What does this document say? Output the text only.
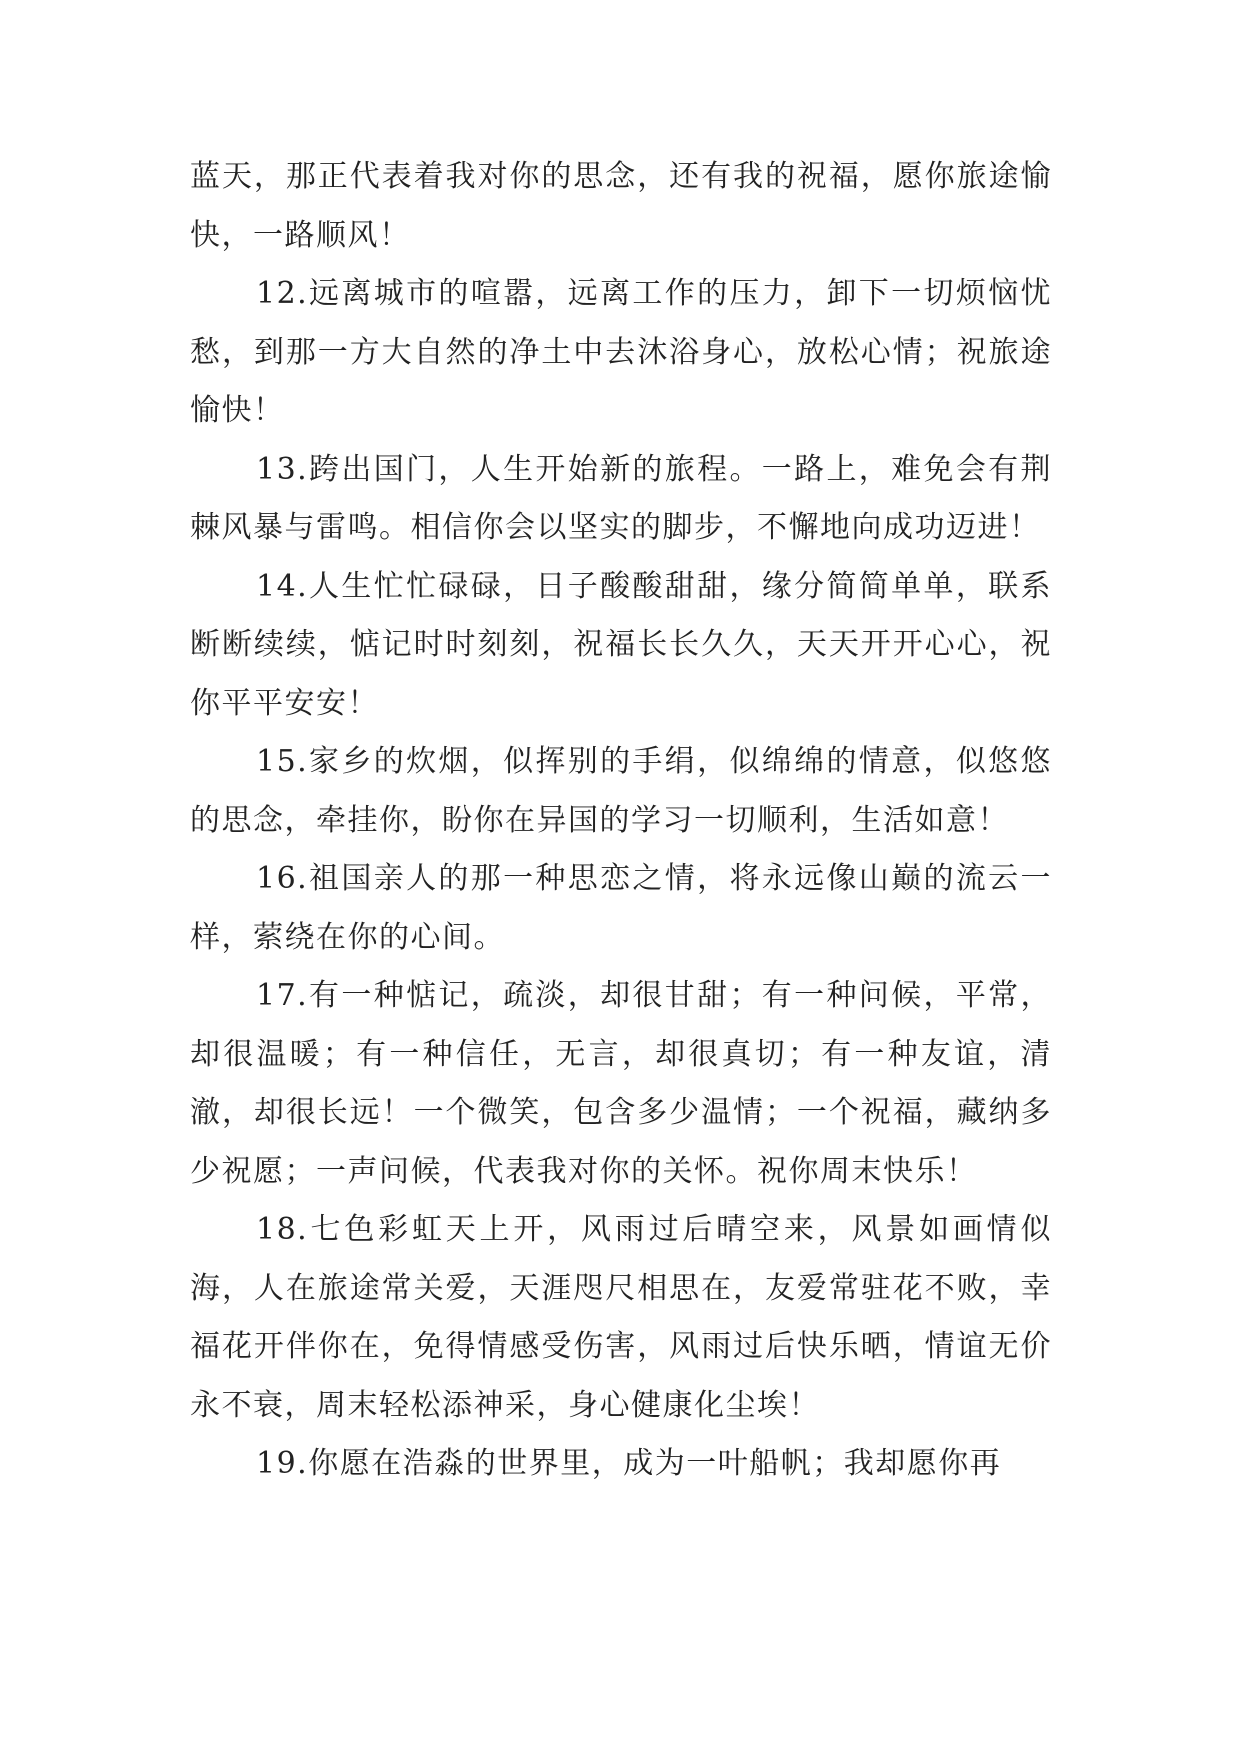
蓝天，那正代表着我对你的思念，还有我的祝福，愿你旅途愉快，一路顺风！

12.远离城市的喧嚣，远离工作的压力，卸下一切烦恼忧愁，到那一方大自然的净土中去沐浴身心，放松心情；祝旅途愉快！

13.跨出国门，人生开始新的旅程。一路上，难免会有荆棘风暴与雷鸣。相信你会以坚实的脚步，不懈地向成功迈进！

14.人生忙忙碌碌，日子酸酸甜甜，缘分简简单单，联系断断续续，惦记时时刻刻，祝福长长久久，天天开开心心，祝你平平安安！

15.家乡的炊烟，似挥别的手绢，似绵绵的情意，似悠悠的思念，牵挂你，盼你在异国的学习一切顺利，生活如意！

16.祖国亲人的那一种思恋之情，将永远像山巅的流云一样，萦绕在你的心间。

17.有一种惦记，疏淡，却很甘甜；有一种问候，平常，却很温暖；有一种信任，无言，却很真切；有一种友谊，清澈，却很长远！一个微笑，包含多少温情；一个祝福，藏纳多少祝愿；一声问候，代表我对你的关怀。祝你周末快乐！

18.七色彩虹天上开，风雨过后晴空来，风景如画情似海，人在旅途常关爱，天涯咫尺相思在，友爱常驻花不败，幸福花开伴你在，免得情感受伤害，风雨过后快乐晒，情谊无价永不衰，周末轻松添神采，身心健康化尘埃！

19.你愿在浩淼的世界里，成为一叶船帆；我却愿你再
